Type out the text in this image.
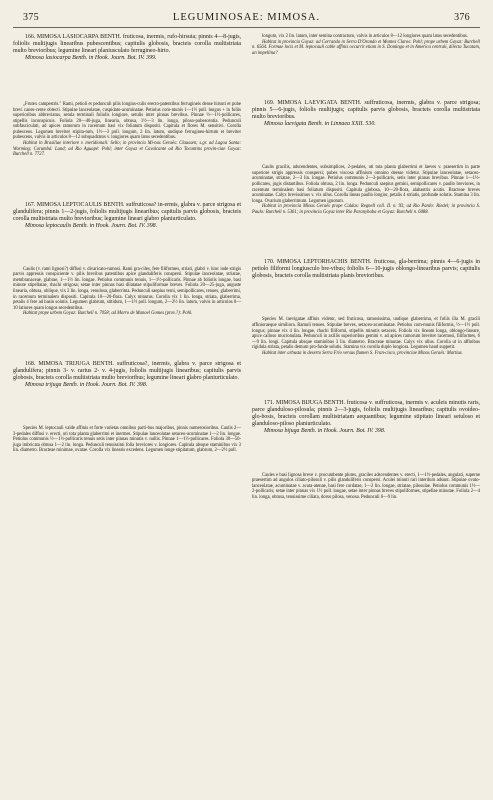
375	LEGUMINOSAE: MIMOSA.	376

166. MIMOSA LASIOCARPA BENTH. fruticosa, inermis, rufo-hirsuta; pinnis 4—8-jugis, foliolis multijugis linearibus pubescentibus; capitulis globosis, bracteis corolla multistriata multo brevioribus; legumine lineari planiusculato ferrugineo-hirto.

Mimosa lasiocarpa Benth. in Hook. Journ. Bot. IV. 399.

„Frutex campestris." Rami, petioli et pedunculi pilis longius-culis erecto-patentibus ferrugineis dense hirsuti et pube brevi canes-cente obtecti. Stipulae lanceolatae, cuspidato-acuminatae. Petiolus com-munis 1—1½ poll. longus + in foliis superioribus abbreviatus, setula terminali foliolis longiore, setulis inter pinnas brevibus. Pinnae ½—1½-pollicares, stipellis inconspicuis. Foliola 20—40-juga, linearia, obtusa, 1½—3 lin. longa, piloso-pubescentia. Pedunculi subfasciculati, ad apices ramorum in racemum basi vix foliatum dispositi. Capitula et flores M. sensitivi. Corolla pubescens. Legumen breviter stipita-tum, 1½—3 poll. longum, 2 lin. latum, undique ferrugineo-hirtum et breviter pubescens, valvis in articulos 8—12 subquadratos v. longiores quam latos secedentibus.

Habitat in Brasiliae interiore v. meridionali: Sello; in provincia Mi-nas Geraës: Claussen; s.gr. ad Lagoa Santa: Warming; Corumbá: Lund; ad Rio Aguapé: Pohl; inter Goyaz et Cavalcante ad Rio Tocantins provin-ciae Goyaz: Burchell n. 7727.

167. MIMOSA LEPTOCAULIS BENTH. suffruticosa? in-ermis, glabra v. parce strigosa et glandulifera; pinnis 1—2-jugis, foliolis multijugis linearibus; capitulis parvis globosis, bracteis corolla multistriata multo brevioribus; legumine lineari glabro planiurticulato.

Mimosa leptocaulis Benth. in Hook. Journ. Bot. IV. 398.

Caulis (v. rami lignosi?) diffusi v. divaricato-ramosi. Rami gra-ciles, fere filiformes, striati, glabri v. hinc inde strigis parvis appressis conspiciente v. pilis brevibus patentibus apice glanduliferis conspersi. Stipulae lanceolatae, striatae, membranaceae, glabrae, 1—1½ lin. longae. Petiolus communis tenuis, 1—1½-pollicaris. Pinnae ab foliolis longae, basi minute stipellatae, rhachi strigosa; setae inter pinnas basi dilatatae stipuliformae breves. Foliola 20—25-juga, anguste linearia, obtusa, oblique, vix 2 lin. longa, venulosa, glaberrima. Pedunculi saepius terni, semipollicares, tenues, glaberrimi, in racemum terminalem dispositi. Capitula 10—20-flora. Calyx minutus. Corolla vix 1 lin. longa, striata, glaberrima, petalis 4 fere ad basin solutis. Legumen glabrum, stitidum, 1—1½ poll. longum, 2—2½ lin. latum, valvis in articulos 8—10 latiores quam longos secedentibus.

Habitat prope urbem Goyaz: Burchell n. 7058; ad Morro de Manoel Gomes (prov.?): Pohl.

168. MIMOSA TRIJUGA BENTH. suffruticosa?, inermis, glabra v. parce strigosa et glandulifera; pinnis 3- v. rarius 2- v. 4-jugis, foliolis multijugis linearibus; capitulis parvis globosis, bracteis corolla multistriata multo brevioribus; legumine lineari glabro planiurticulato.

Mimosa trijuga Benth. in Hook. Journ. Bot. IV. 398.

Species M. leptocauli valde affinis et forte varietas omnibus parti-bus majoribus, pinnis numerosioribus. Caulis 2—3-pedales diffusi v. erecti, uti tota planta glaberrimi et inermes. Stipulae lanceolatae setaceo-acuminatae 1—2 lin. longae. Petiolus communis ½—1½-pollicaris tenuis setis inter pinnas minutis v. nullis. Pinnae 1—1½-pollicares. Foliola 30—50-juga imbricata obtusa 1—2 lin. longa. Pedunculi tenuissimi folia breviores v. longiores. Capitula absque staminibus vix 3 lin. diametro. Bracteae minimae, ovatae. Corolla vix linearis excedens. Legumen longe stipitatum, glabrum, 2—2½ poll.

longum, vix 2 lin. latum, inter semina contractum, valvis in articulos 8—12 longiores quam latos secedentibus.

Habitat in provincia Goyaz: ad Corrando in Serra D'Orando et Montes Claros: Pohl; prope urbem Goyaz: Burchell n. 6564. Formae locis et M. leptocauli cable affinis occurrit etiam in S. Domingo et in America centrali, dilecta Tucatam, an impellina?

169. MIMOSA LAEVIGATA BENTH. suffruticosa, inermis, glabra v. parce strigosa; pinnis 5—6-jugis, foliolis multijugis; capitulis parvis globosis, bracteis corolla multistriata multo brevioribus.

Mimosa laevigata Benth. in Linnaea XXII. 530.

Caulis gracilis, adscendentes, subsimplices, 2-pedales, uti tota planta glaberrimi et laeves v. praesertim in parte superiore strigis appressis conspersi; pubes viscosa affinium omnino deesse videtur. Stipulae lanceolatae, setaceo-acuminatae, striatae, 2—3 lin. longae. Petiolus communis 2—3-pollicaris, setis inter pinnas brevibus. Pinnae 1—1½-pollicares, jugis distantibus. Foliola obtusa, 2 lin. longa. Pedunculi saepius gemini, semipollicares v. paullo breviores, in racemum terminalem basi foliatum dispositi. Capitula globosa, 10—20-flora, alabastris acutis. Bracteae breves acuminatae. Calyx brevissimus v. vix ullus. Corolla lineas paullo longior, petalis 4 striatis, profunde solutis. Stamina 3 lin. longa. Ovarium glaberrimum. Legumen ignotum.

Habitat in provincia Minas Geraës prope Caldas: Regnell coll. II. n. 93; ad Rio Pardo: Riedel; in provincia S. Paulo: Burchell n. 5361; in provincia Goyaz inter Rio Paranyhaba et Goyaz: Burchell n. 6088.

170. MIMOSA LEPTORHACHIS BENTH. fruticosa, gla-berrima; pinnis 4—6-jugis in petiolo filiformi longiusculo bre-vibus; foliolis 6—10-jugis oblongo-linearibus parvis; capitulis globosis, bracteis corolla multistriata planis brevioribus.

Species M. laevigatae affinis videtur, sed fruticosa, ramosissima, undique glaberrima, et foliis illa M. gracili affinioraeque similiora. Ramuli tenues. Stipulae breves, setaceo-acuminatae. Petiolus com-munis filiformis, ½—1½ poll. longus; pinnae vix 4 lin. longae, rhachi filiformi, stipellis minutis setaceis. Foliola vix lineam longa, oblongo-lineare, apice calloso mucronulata. Pedunculi in axillis superioribus gemini v. ad apices ramorum breviter racemosi, filiformes, 6—9 lin. longi. Capitula absque staminibus 3 lin. diametro. Bracteae minutae. Calyx vix ullus. Corolla ut in affinibus rigidula striata, petalis demum pro-funde solutis. Stamina vix corolla duplo longiora. Legumen haud suppetit.

Habitat inter arbusta in deserto Serra Frio versus flumen S. Fran-cisco, provinciae Minas Geraës: Martius.

171. MIMOSA BIJUGA BENTH. fruticosa v. suffruticosa, inermis v. aculeis minutis raris, parce glanduloso-pilosula; pinnis 2—3-jugis, foliolis multijugis linearibus; capitulis ovoideo-glo-bosis, bracteis corollam multistriatam aequantibus; legumine stipitato lineari setuloso et glanduloso-piloso planiurticulato.

Mimosa bijuga Benth. in Hook. Journ. Bot. IV. 398.

Caules e basi lignosa breve v. procumbente plures, graciles adscendentes v. erecti, 1—1½-pedales, angulati, superne praesertim ad angulos ciliato-pilosuli v. pilis glanduliferis conspersi. Aculei minuti rari interdum adsunt. Stipulae ovato-lanceolatae, acuminatae v. acuta-atenae, basi fere cordatae, 1—2 lin. longae, striatae, pilosulae. Petiolus communis 1½—2-pollicaris; setae inter pinnas vix 1½ poll. longae, setae inter pinnas breves stipuliformes, stipellae minutae. Foliola 2—4 lin. longa, obtusa, tenuissime ciliata, dorso pilosa, venosa. Pedunculi 6—9 lin.
